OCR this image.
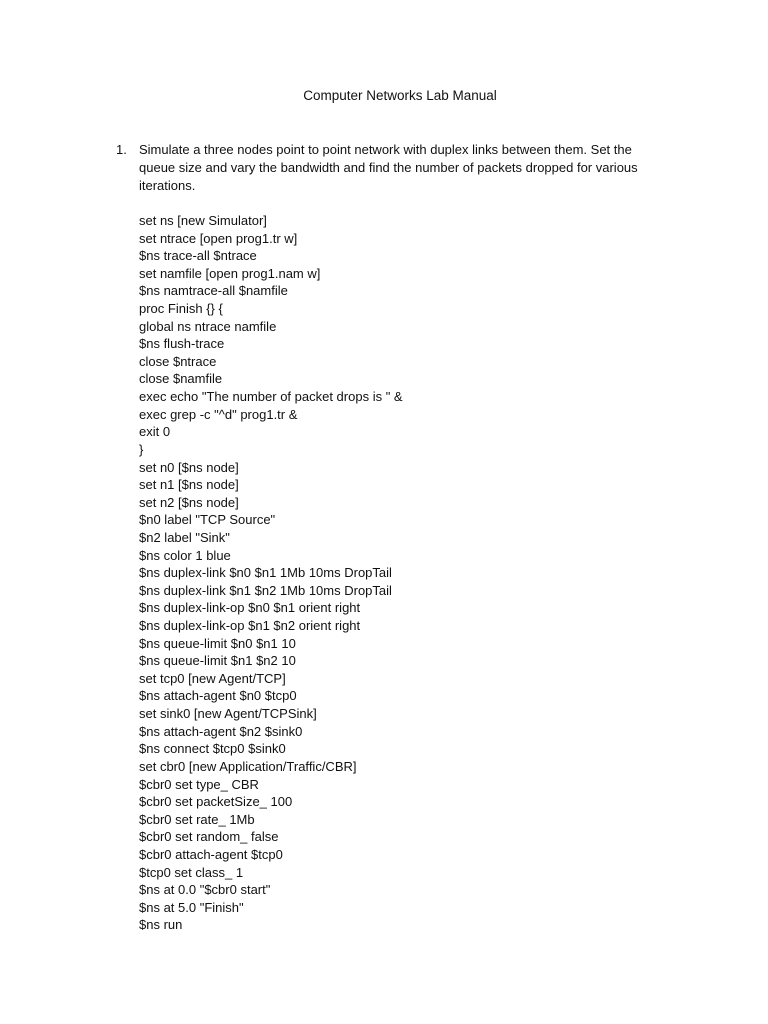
Computer Networks Lab Manual
1. Simulate a three nodes point to point network with duplex links between them. Set the queue size and vary the bandwidth and find the number of packets dropped for various iterations.
set ns [new Simulator]
set ntrace [open prog1.tr w]
$ns trace-all $ntrace
set namfile [open prog1.nam w]
$ns namtrace-all $namfile
proc Finish {} {
global ns ntrace namfile
$ns flush-trace
close $ntrace
close $namfile
exec echo "The number of packet drops is " &
exec grep -c "^d" prog1.tr &
exit 0
}
set n0 [$ns node]
set n1 [$ns node]
set n2 [$ns node]
$n0 label "TCP Source"
$n2 label "Sink"
$ns color 1 blue
$ns duplex-link $n0 $n1 1Mb 10ms DropTail
$ns duplex-link $n1 $n2 1Mb 10ms DropTail
$ns duplex-link-op $n0 $n1 orient right
$ns duplex-link-op $n1 $n2 orient right
$ns queue-limit $n0 $n1 10
$ns queue-limit $n1 $n2 10
set tcp0 [new Agent/TCP]
$ns attach-agent $n0 $tcp0
set sink0 [new Agent/TCPSink]
$ns attach-agent $n2 $sink0
$ns connect $tcp0 $sink0
set cbr0 [new Application/Traffic/CBR]
$cbr0 set type_ CBR
$cbr0 set packetSize_ 100
$cbr0 set rate_ 1Mb
$cbr0 set random_ false
$cbr0 attach-agent $tcp0
$tcp0 set class_ 1
$ns at 0.0 "$cbr0 start"
$ns at 5.0 "Finish"
$ns run
